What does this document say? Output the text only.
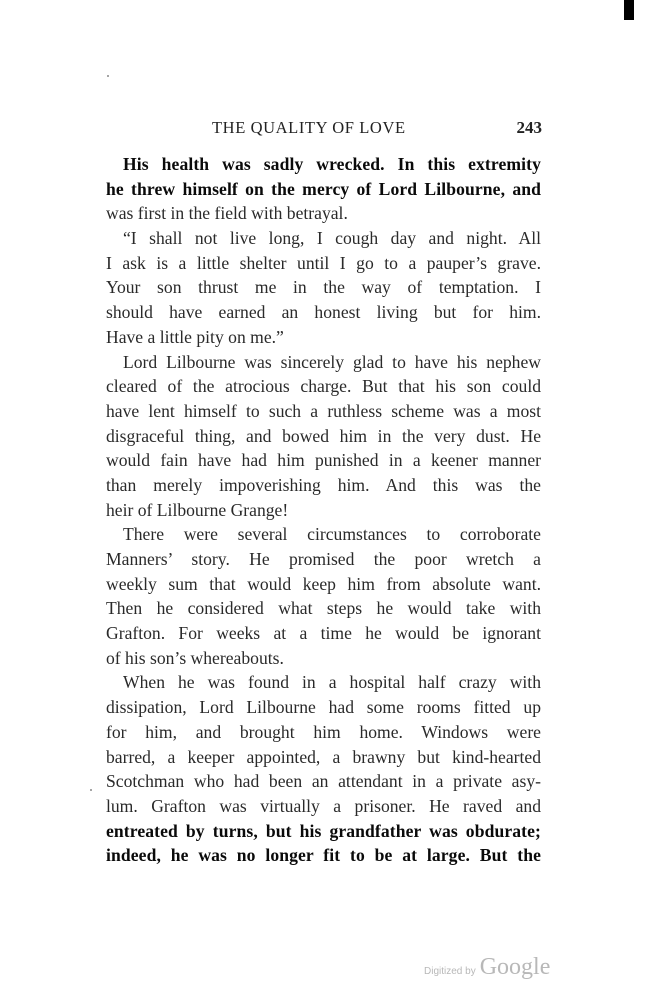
THE QUALITY OF LOVE	243
His health was sadly wrecked. In this extremity
he threw himself on the mercy of Lord Lilbourne, and
was first in the field with betrayal.
“I shall not live long, I cough day and night. All
I ask is a little shelter until I go to a pauper’s grave.
Your son thrust me in the way of temptation. I
should have earned an honest living but for him.
Have a little pity on me.”
Lord Lilbourne was sincerely glad to have his nephew
cleared of the atrocious charge. But that his son could
have lent himself to such a ruthless scheme was a most
disgraceful thing, and bowed him in the very dust. He
would fain have had him punished in a keener manner
than merely impoverishing him. And this was the
heir of Lilbourne Grange!
There were several circumstances to corroborate
Manners’ story. He promised the poor wretch a
weekly sum that would keep him from absolute want.
Then he considered what steps he would take with
Grafton. For weeks at a time he would be ignorant
of his son’s whereabouts.
When he was found in a hospital half crazy with
dissipation, Lord Lilbourne had some rooms fitted up
for him, and brought him home. Windows were
barred, a keeper appointed, a brawny but kind-hearted
Scotchman who had been an attendant in a private asy-
lum. Grafton was virtually a prisoner. He raved and
entreated by turns, but his grandfather was obdurate;
indeed, he was no longer fit to be at large. But the
Digitized by Google
